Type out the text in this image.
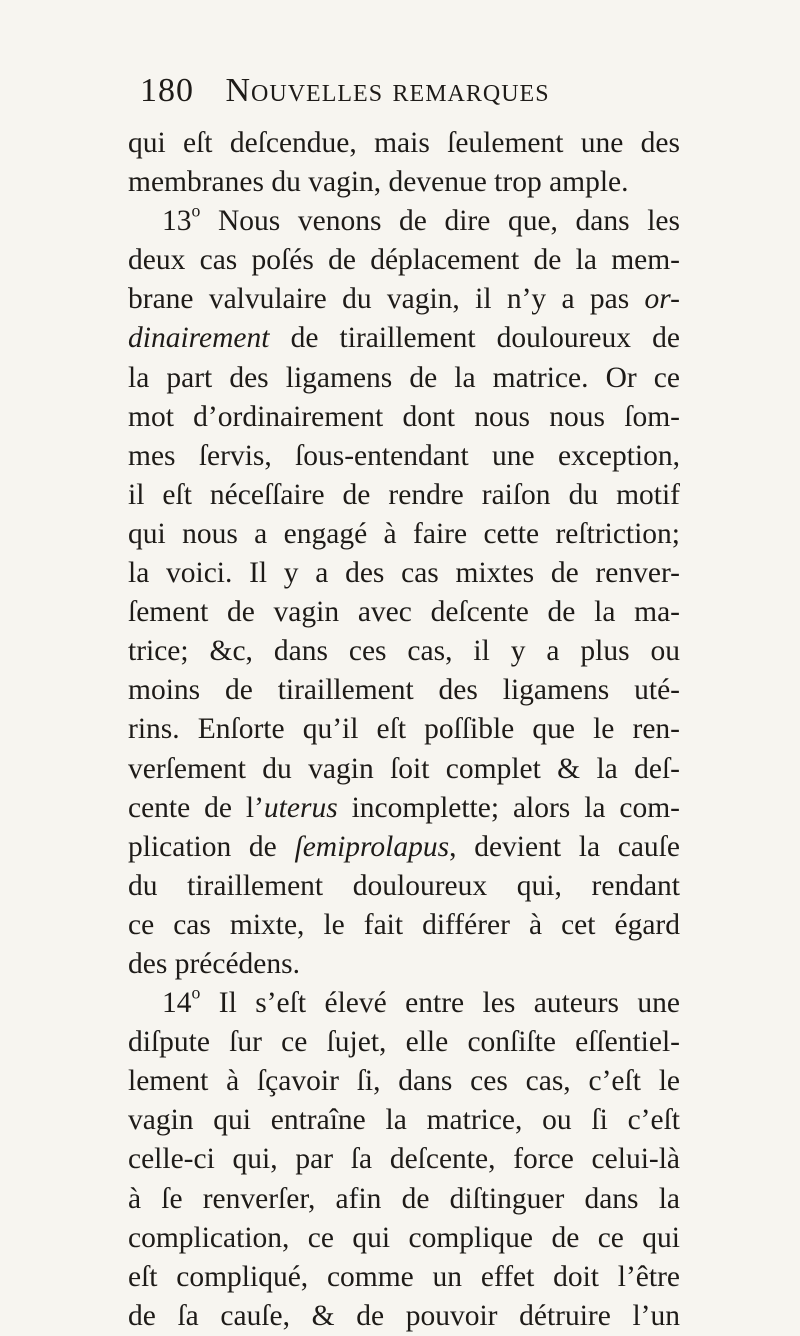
180 Nouvelles remarques
qui eſt deſcendue, mais ſeulement une des
membranes du vagin, devenue trop ample.
13$^o$ Nous venons de dire que, dans les
deux cas poſés de déplacement de la mem-
brane valvulaire du vagin, il n’y a pas or-
dinairement de tiraillement douloureux de
la part des ligamens de la matrice. Or ce
mot d’ordinairement dont nous nous ſom-
mes ſervis, ſous-entendant une exception,
il eſt néceſſaire de rendre raiſon du motif
qui nous a engagé à faire cette reſtriction;
la voici. Il y a des cas mixtes de renver-
ſement de vagin avec deſcente de la ma-
trice; &c, dans ces cas, il y a plus ou
moins de tiraillement des ligamens uté-
rins. Enſorte qu’il eſt poſſible que le ren-
verſement du vagin ſoit complet & la deſ-
cente de l’uterus incomplette; alors la com-
plication de ſemiprolapus, devient la cauſe
du tiraillement douloureux qui, rendant
ce cas mixte, le fait différer à cet égard
des précédens.
14$^o$ Il s’eſt élevé entre les auteurs une
diſpute ſur ce ſujet, elle conſiſte eſſentiel-
lement à ſçavoir ſi, dans ces cas, c’eſt le
vagin qui entraîne la matrice, ou ſi c’eſt
celle-ci qui, par ſa deſcente, force celui-là
à ſe renverſer, afin de diſtinguer dans la
complication, ce qui complique de ce qui
eſt compliqué, comme un effet doit l’être
de ſa cauſe, & de pouvoir détruire l’un
